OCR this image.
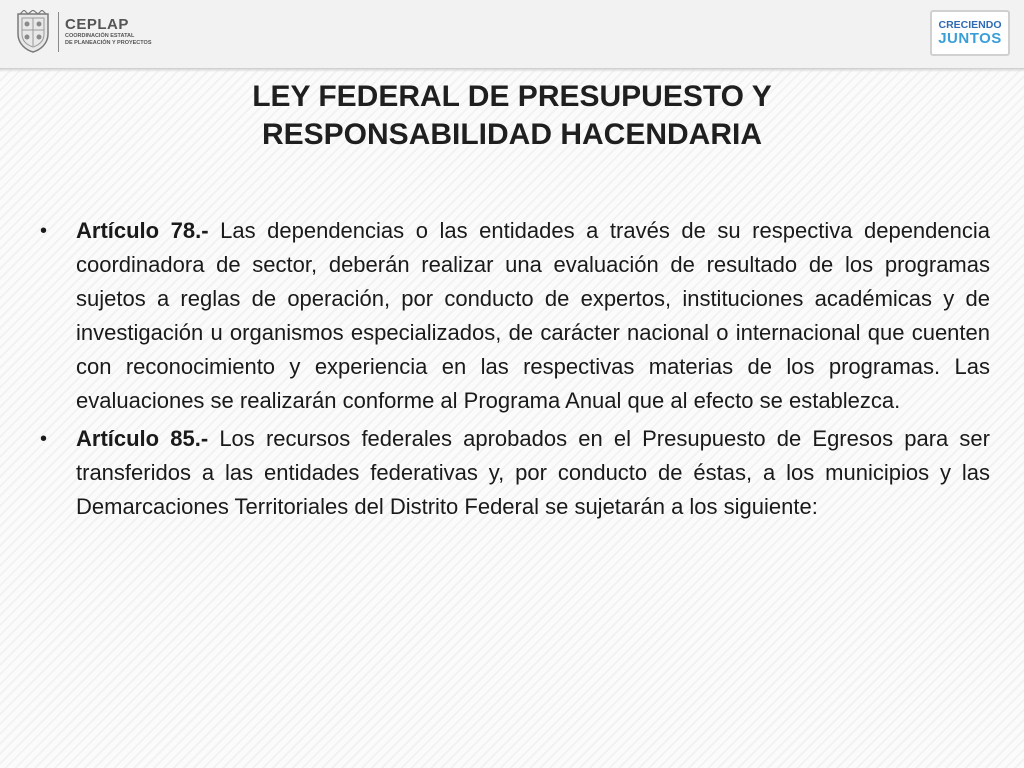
CEPLAP
COORDINACIÓN ESTATAL
DE PLANEACIÓN Y PROYECTOS
CRECIENDO
JUNTOS
LEY FEDERAL DE PRESUPUESTO Y
RESPONSABILIDAD HACENDARIA
• Artículo 78.- Las dependencias o las entidades a través de su respectiva dependencia coordinadora de sector, deberán realizar una evaluación de resultado de los programas sujetos a reglas de operación, por conducto de expertos, instituciones académicas y de investigación u organismos especializados, de carácter nacional o internacional que cuenten con reconocimiento y experiencia en las respectivas materias de los programas. Las evaluaciones se realizarán conforme al Programa Anual que al efecto se establezca.
• Artículo 85.- Los recursos federales aprobados en el Presupuesto de Egresos para ser transferidos a las entidades federativas y, por conducto de éstas, a los municipios y las Demarcaciones Territoriales del Distrito Federal se sujetarán a los siguiente:
